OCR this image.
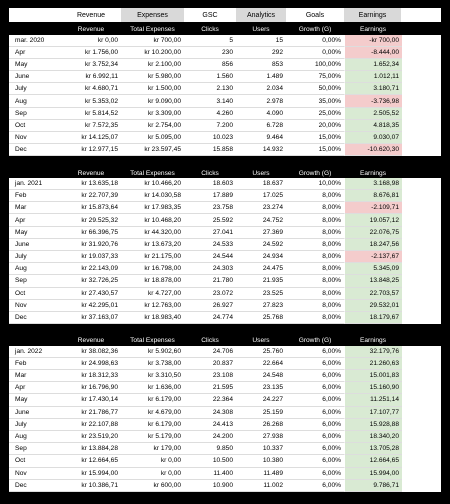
Revenue	Expenses	GSC	Analytics	Goals	Earnings
Revenue	Total Expenses	Clicks	Users	Growth (G)	Earnings
mar. 2020	kr 0,00	kr 700,00	5	15	0,00%	-kr 700,00
Apr	kr 1.756,00	kr 10.200,00	230	292	0,00%	-8.444,00
May	kr 3.752,34	kr 2.100,00	856	853	100,00%	1.652,34
June	kr 6.992,11	kr 5.980,00	1.560	1.489	75,00%	1.012,11
July	kr 4.680,71	kr 1.500,00	2.130	2.034	50,00%	3.180,71
Aug	kr 5.353,02	kr 9.090,00	3.140	2.978	35,00%	-3.736,98
Sep	kr 5.814,52	kr 3.309,00	4.260	4.090	25,00%	2.505,52
Oct	kr 7.572,35	kr 2.754,00	7.200	6.728	20,00%	4.818,35
Nov	kr 14.125,07	kr 5.095,00	10.023	9.464	15,00%	9.030,07
Dec	kr 12.977,15	kr 23.597,45	15.858	14.932	15,00%	-10.620,30
Revenue	Total Expenses	Clicks	Users	Growth (G)	Earnings
jan. 2021	kr 13.635,18	kr 10.466,20	18.603	18.637	10,00%	3.168,98
Feb	kr 22.707,39	kr 14.030,58	17.889	17.025	8,00%	8.676,81
Mar	kr 15.873,64	kr 17.983,35	23.758	23.274	8,00%	-2.109,71
Apr	kr 29.525,32	kr 10.468,20	25.592	24.752	8,00%	19.057,12
May	kr 66.396,75	kr 44.320,00	27.041	27.369	8,00%	22.076,75
June	kr 31.920,76	kr 13.673,20	24.533	24.592	8,00%	18.247,56
July	kr 19.037,33	kr 21.175,00	24.544	24.934	8,00%	-2.137,67
Aug	kr 22.143,09	kr 16.798,00	24.303	24.475	8,00%	5.345,09
Sep	kr 32.726,25	kr 18.878,00	21.780	21.935	8,00%	13.848,25
Oct	kr 27.430,57	kr 4.727,00	23.072	23.525	8,00%	22.703,57
Nov	kr 42.295,01	kr 12.763,00	26.927	27.823	8,00%	29.532,01
Dec	kr 37.163,07	kr 18.983,40	24.774	25.768	8,00%	18.179,67
Revenue	Total Expenses	Clicks	Users	Growth (G)	Earnings
jan. 2022	kr 38.082,36	kr 5.902,60	24.706	25.760	6,00%	32.179,76
Feb	kr 24.998,63	kr 3.738,00	20.837	22.664	6,00%	21.260,63
Mar	kr 18.312,33	kr 3.310,50	23.108	24.548	6,00%	15.001,83
Apr	kr 16.796,90	kr 1.636,00	21.595	23.135	6,00%	15.160,90
May	kr 17.430,14	kr 6.179,00	22.364	24.227	6,00%	11.251,14
June	kr 21.786,77	kr 4.679,00	24.308	25.159	6,00%	17.107,77
July	kr 22.107,88	kr 6.179,00	24.413	26.268	6,00%	15.928,88
Aug	kr 23.519,20	kr 5.179,00	24.200	27.938	6,00%	18.340,20
Sep	kr 13.884,28	kr 179,00	9.850	10.337	6,00%	13.705,28
Oct	kr 12.664,65	kr 0,00	10.500	10.380	6,00%	12.664,65
Nov	kr 15.994,00	kr 0,00	11.400	11.489	6,00%	15.994,00
Dec	kr 10.386,71	kr 600,00	10.900	11.002	6,00%	9.786,71
